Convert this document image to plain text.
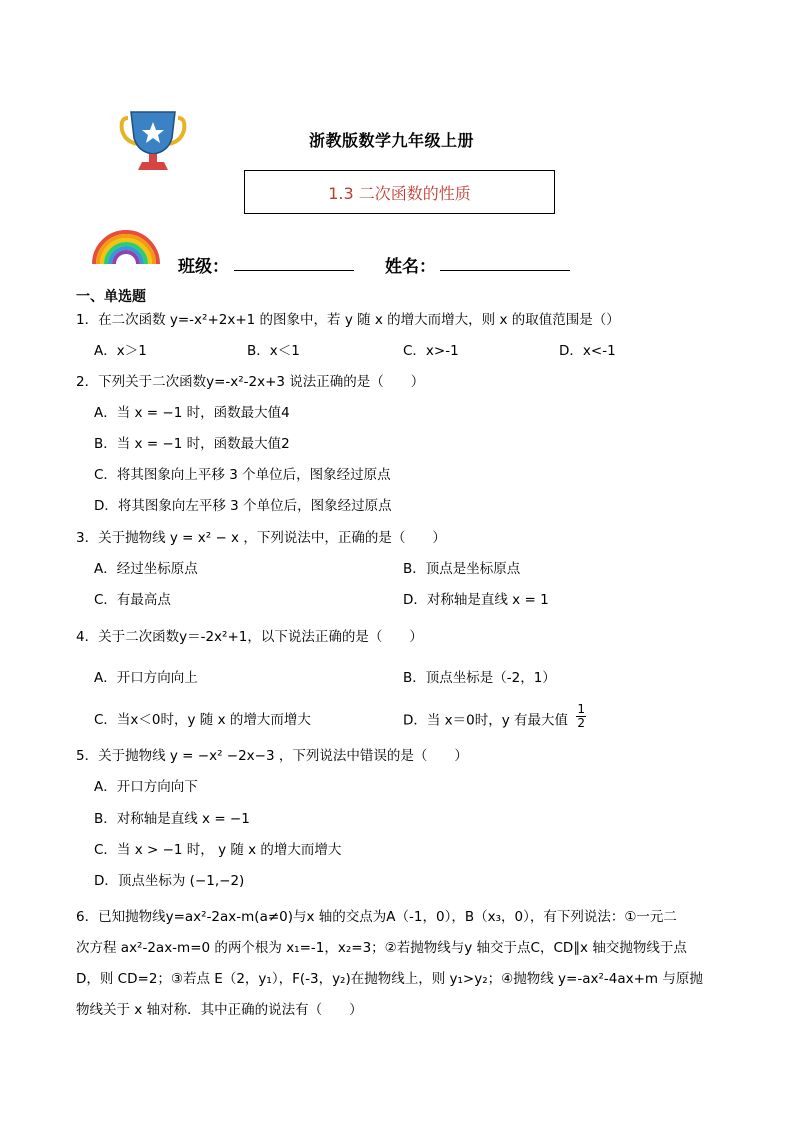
浙教版数学九年级上册
1.3 二次函数的性质
班级：	姓名：
一、单选题
1．在二次函数 y=-x²+2x+1 的图象中，若 y 随 x 的增大而增大，则 x 的取值范围是（）
A．x＞1	B．x＜1	C．x>-1	D．x<-1
2．下列关于二次函数y=-x²-2x+3 说法正确的是（　　）
A．当 x = −1 时，函数最大值4
B．当 x = −1 时，函数最大值2
C．将其图象向上平移 3 个单位后，图象经过原点
D．将其图象向左平移 3 个单位后，图象经过原点
3．关于抛物线 y = x² − x ，下列说法中，正确的是（　　）
A．经过坐标原点	B．顶点是坐标原点
C．有最高点	D．对称轴是直线 x = 1
4．关于二次函数y＝-2x²+1，以下说法正确的是（　　）
A．开口方向向上	B．顶点坐标是（-2，1）
C．当x＜0时，y 随 x 的增大而增大	D．当 x＝0时，y 有最大值 $\frac{1}{2}$
5．关于抛物线 y = −x² −2x−3 ，下列说法中错误的是（　　）
A．开口方向向下
B．对称轴是直线 x = −1
C．当 x > −1 时， y 随 x 的增大而增大
D．顶点坐标为 (−1,−2)
6．已知抛物线y=ax²-2ax-m(a≠0)与x 轴的交点为A（-1，0），B（x₃，0），有下列说法：①一元二
次方程 ax²-2ax-m=0 的两个根为 x₁=-1，x₂=3；②若抛物线与y 轴交于点C，CD∥x 轴交抛物线于点
D，则 CD=2；③若点 E（2，y₁），F(-3，y₂)在抛物线上，则 y₁>y₂；④抛物线 y=-ax²-4ax+m 与原抛
物线关于 x 轴对称．其中正确的说法有（　　）
